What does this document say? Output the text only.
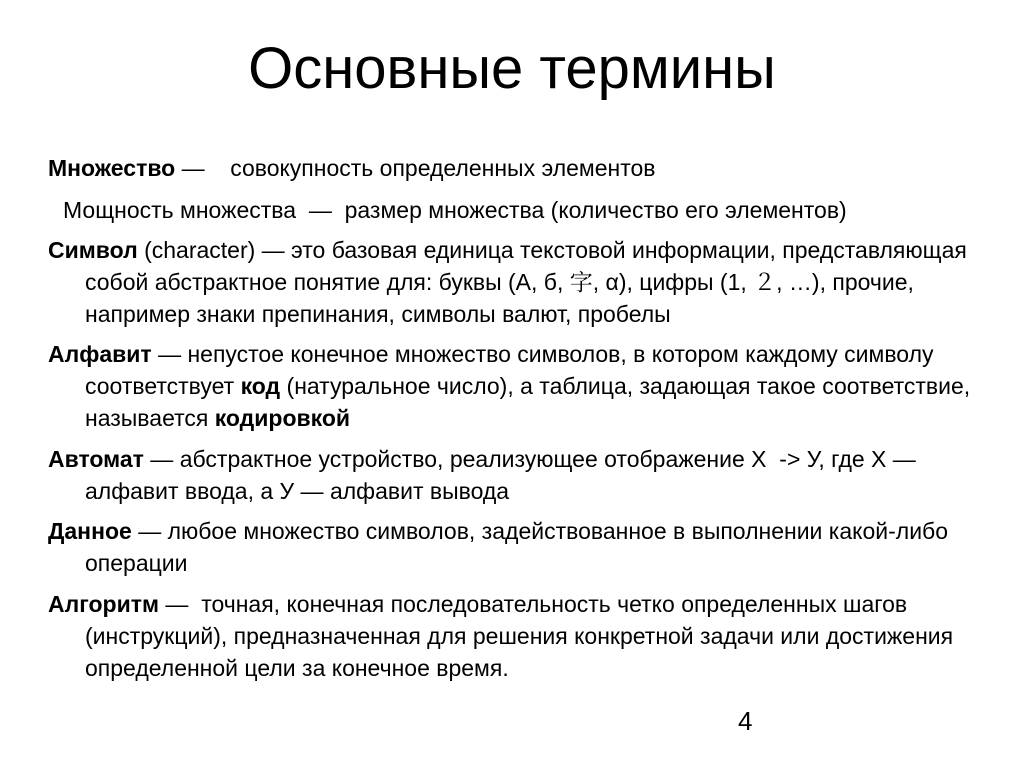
Основные термины

Множество —    совокупность определенных элементов

Мощность множества  —  размер множества (количество его элементов)

Символ (character) — это базовая единица текстовой информации, представляющая собой абстрактное понятие для: буквы (А, б, 字, α), цифры (1, ２, …), прочие, например знаки препинания, символы валют, пробелы

Алфавит — непустое конечное множество символов, в котором каждому символу соответствует код (натуральное число), а таблица, задающая такое соответствие, называется кодировкой

Автомат — абстрактное устройство, реализующее отображение X  -> У, где X — алфавит ввода, а У — алфавит вывода

Данное — любое множество символов, задействованное в выполнении какой-либо операции

Алгоритм —  точная, конечная последовательность четко определенных шагов (инструкций), предназначенная для решения конкретной задачи или достижения определенной цели за конечное время.

4
